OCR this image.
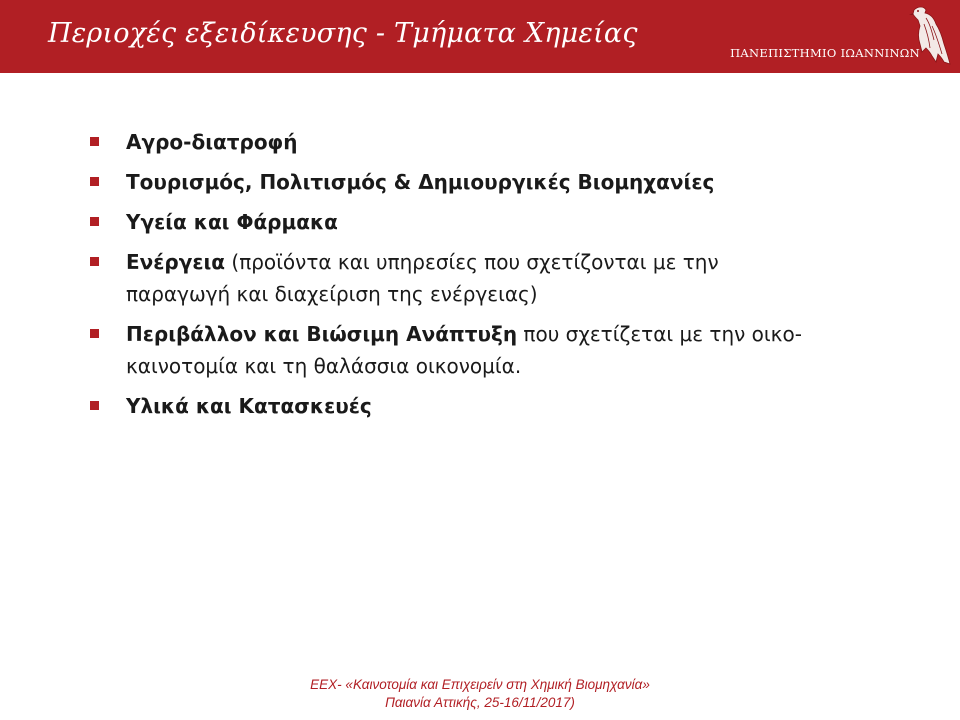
Περιοχές εξειδίκευσης - Τμήματα Χημείας
ΠΑΝΕΠΙΣΤΗΜΙΟ ΙΩΑΝΝΙΝΩΝ
Αγρο-διατροφή
Τουρισμός, Πολιτισμός & Δημιουργικές Βιομηχανίες
Υγεία και Φάρμακα
Ενέργεια (προϊόντα και υπηρεσίες που σχετίζονται με την παραγωγή και διαχείριση της ενέργειας)
Περιβάλλον και Βιώσιμη Ανάπτυξη που σχετίζεται με την οικο-καινοτομία και τη θαλάσσια οικονομία.
Υλικά και Κατασκευές
ΕΕΧ- «Καινοτομία και Επιχειρείν στη Χημική Βιομηχανία»
Παιανία Αττικής, 25-16/11/2017)
